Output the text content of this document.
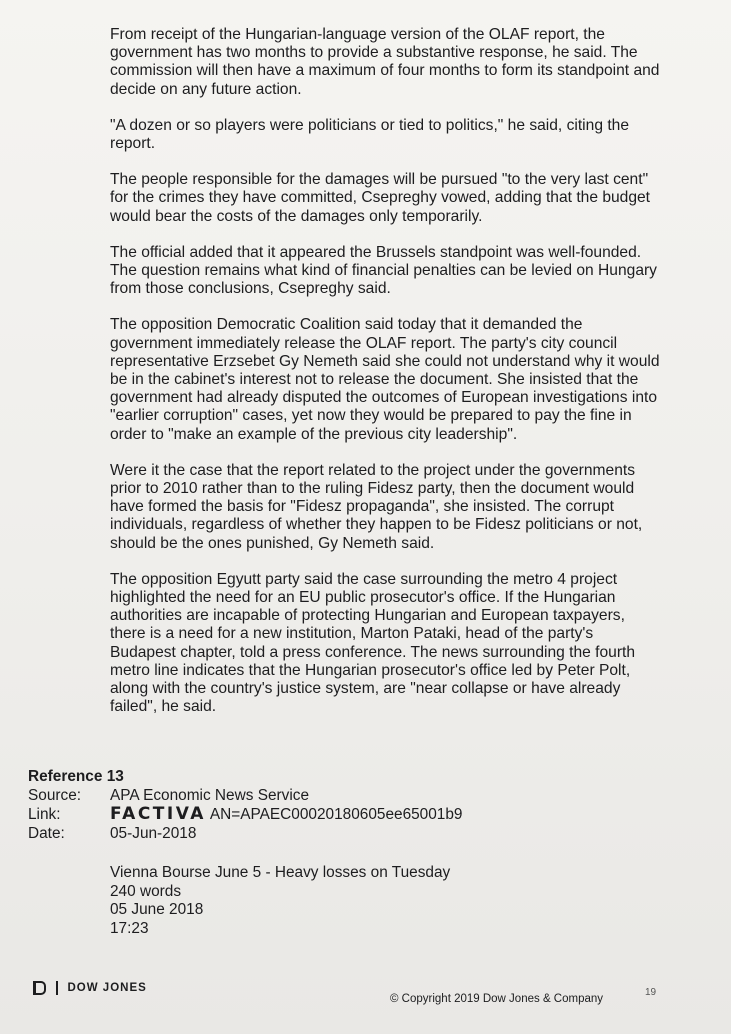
From receipt of the Hungarian-language version of the OLAF report, the government has two months to provide a substantive response, he said. The commission will then have a maximum of four months to form its standpoint and decide on any future action.

"A dozen or so players were politicians or tied to politics," he said, citing the report.

The people responsible for the damages will be pursued "to the very last cent" for the crimes they have committed, Csepreghy vowed, adding that the budget would bear the costs of the damages only temporarily.

The official added that it appeared the Brussels standpoint was well-founded. The question remains what kind of financial penalties can be levied on Hungary from those conclusions, Csepreghy said.

The opposition Democratic Coalition said today that it demanded the government immediately release the OLAF report. The party's city council representative Erzsebet Gy Nemeth said she could not understand why it would be in the cabinet's interest not to release the document. She insisted that the government had already disputed the outcomes of European investigations into "earlier corruption" cases, yet now they would be prepared to pay the fine in order to "make an example of the previous city leadership".

Were it the case that the report related to the project under the governments prior to 2010 rather than to the ruling Fidesz party, then the document would have formed the basis for "Fidesz propaganda", she insisted. The corrupt individuals, regardless of whether they happen to be Fidesz politicians or not, should be the ones punished, Gy Nemeth said.

The opposition Egyutt party said the case surrounding the metro 4 project highlighted the need for an EU public prosecutor's office. If the Hungarian authorities are incapable of protecting Hungarian and European taxpayers, there is a need for a new institution, Marton Pataki, head of the party's Budapest chapter, told a press conference. The news surrounding the fourth metro line indicates that the Hungarian prosecutor's office led by Peter Polt, along with the country's justice system, are "near collapse or have already failed", he said.

Reference 13
Source:	APA Economic News Service
Link:	FACTIVA AN=APAEC00020180605ee65001b9
Date:	05-Jun-2018
Vienna Bourse June 5 - Heavy losses on Tuesday
240 words
05 June 2018
17:23
DOW JONES
© Copyright 2019 Dow Jones & Company
19
